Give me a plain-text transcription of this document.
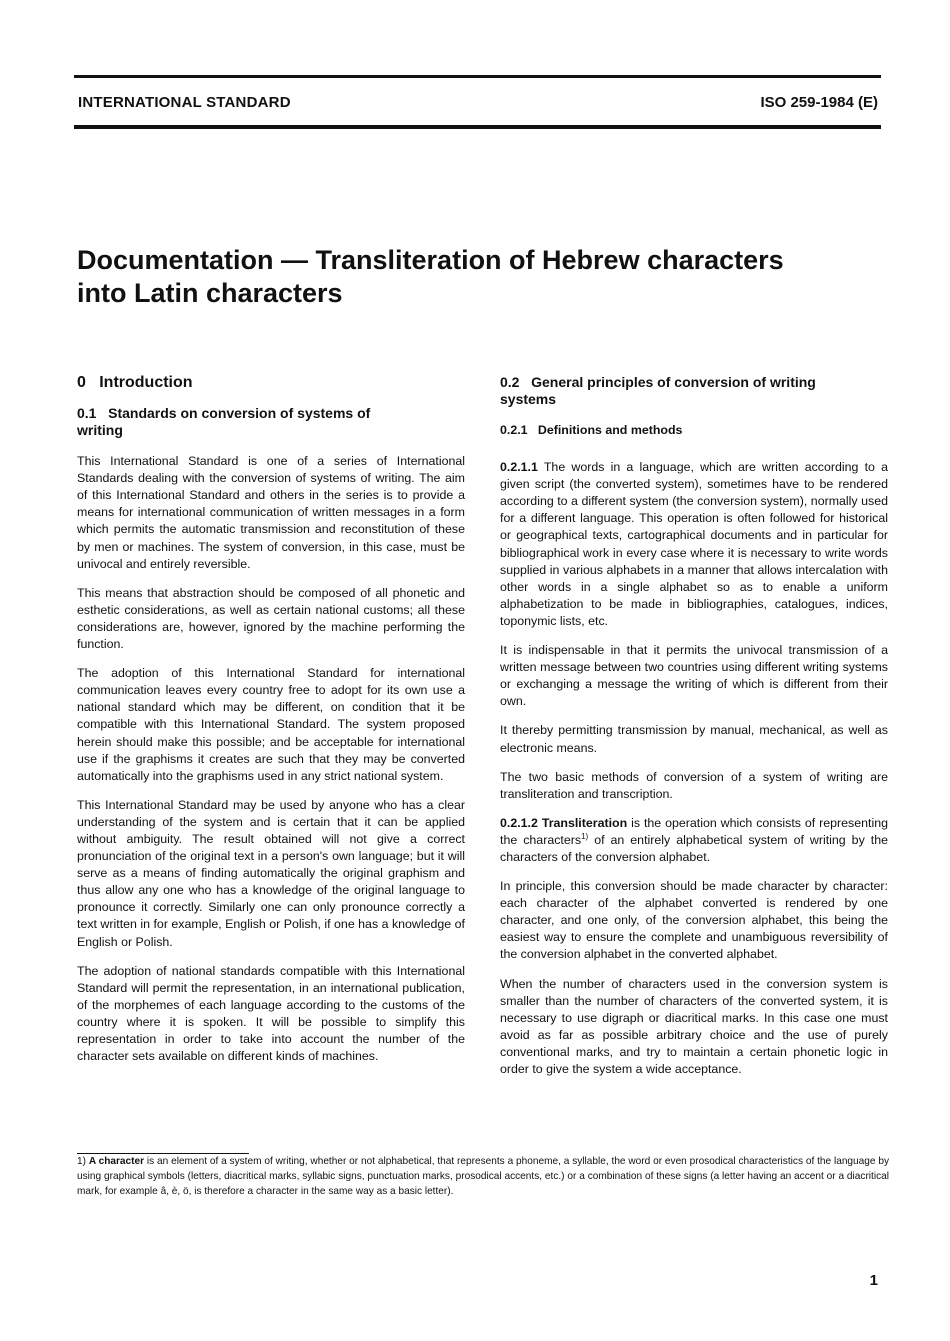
INTERNATIONAL STANDARD	ISO 259-1984 (E)
Documentation — Transliteration of Hebrew characters
into Latin characters
0   Introduction
0.1   Standards on conversion of systems of
writing

This International Standard is one of a series of International Standards dealing with the conversion of systems of writing. The aim of this International Standard and others in the series is to provide a means for international communication of written messages in a form which permits the automatic transmission and reconstitution of these by men or machines. The system of conversion, in this case, must be univocal and entirely reversible.

This means that abstraction should be composed of all phonetic and esthetic considerations, as well as certain national customs; all these considerations are, however, ignored by the machine performing the function.

The adoption of this International Standard for international communication leaves every country free to adopt for its own use a national standard which may be different, on condition that it be compatible with this International Standard. The system proposed herein should make this possible; and be acceptable for international use if the graphisms it creates are such that they may be converted automatically into the graphisms used in any strict national system.

This International Standard may be used by anyone who has a clear understanding of the system and is certain that it can be applied without ambiguity. The result obtained will not give a correct pronunciation of the original text in a person's own language; but it will serve as a means of finding automatically the original graphism and thus allow any one who has a knowledge of the original language to pronounce it correctly. Similarly one can only pronounce correctly a text written in for example, English or Polish, if one has a knowledge of English or Polish.

The adoption of national standards compatible with this International Standard will permit the representation, in an international publication, of the morphemes of each language according to the customs of the country where it is spoken. It will be possible to simplify this representation in order to take into account the number of the character sets available on different kinds of machines.

0.2   General principles of conversion of writing
systems
0.2.1   Definitions and methods

0.2.1.1 The words in a language, which are written according to a given script (the converted system), sometimes have to be rendered according to a different system (the conversion system), normally used for a different language. This operation is often followed for historical or geographical texts, cartographical documents and in particular for bibliographical work in every case where it is necessary to write words supplied in various alphabets in a manner that allows intercalation with other words in a single alphabet so as to enable a uniform alphabetization to be made in bibliographies, catalogues, indices, toponymic lists, etc.

It is indispensable in that it permits the univocal transmission of a written message between two countries using different writing systems or exchanging a message the writing of which is different from their own.

It thereby permitting transmission by manual, mechanical, as well as electronic means.

The two basic methods of conversion of a system of writing are transliteration and transcription.

0.2.1.2 Transliteration is the operation which consists of representing the characters$^{1)}$ of an entirely alphabetical system of writing by the characters of the conversion alphabet.

In principle, this conversion should be made character by character: each character of the alphabet converted is rendered by one character, and one only, of the conversion alphabet, this being the easiest way to ensure the complete and unambiguous reversibility of the conversion alphabet in the converted alphabet.

When the number of characters used in the conversion system is smaller than the number of characters of the converted system, it is necessary to use digraph or diacritical marks. In this case one must avoid as far as possible arbitrary choice and the use of purely conventional marks, and try to maintain a certain phonetic logic in order to give the system a wide acceptance.

1) A character is an element of a system of writing, whether or not alphabetical, that represents a phoneme, a syllable, the word or even prosodical characteristics of the language by using graphical symbols (letters, diacritical marks, syllabic signs, punctuation marks, prosodical accents, etc.) or a combination of these signs (a letter having an accent or a diacritical mark, for example â, è, ö, is therefore a character in the same way as a basic letter).

1
